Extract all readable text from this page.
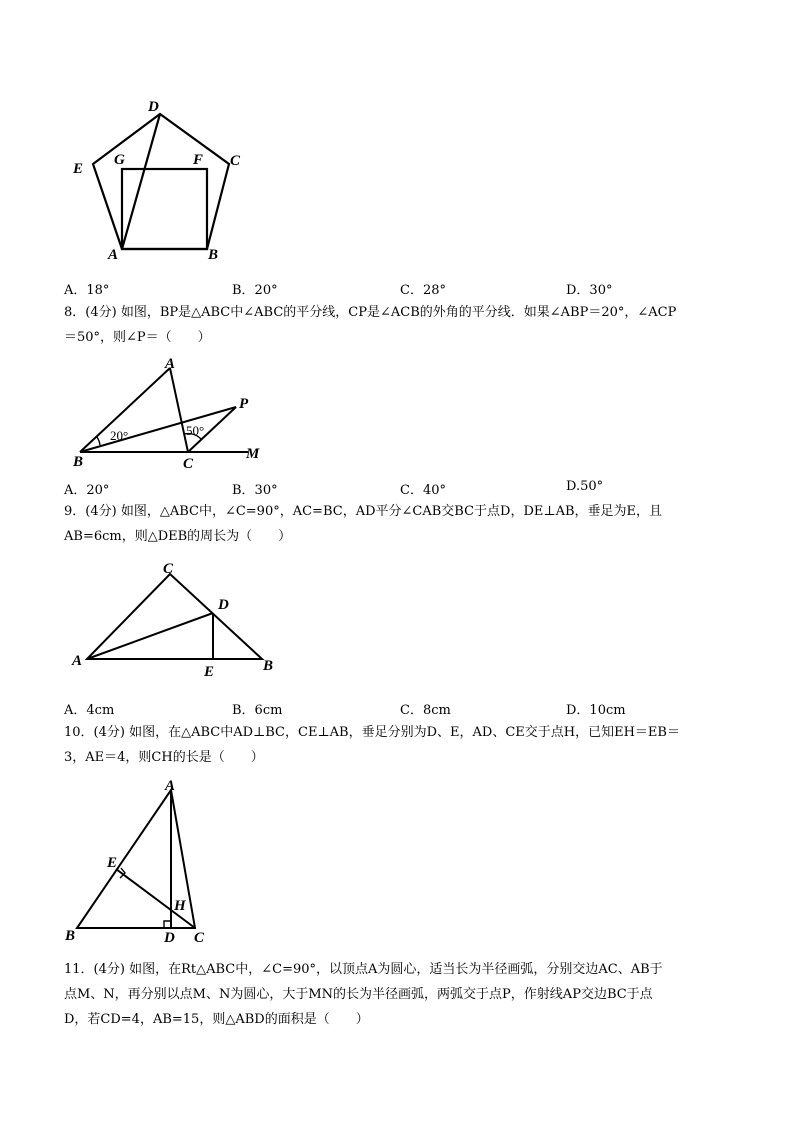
A	B
C
D
E
F
G
A．18°	B．20°	C．28°	D．30°

8．(4分) 如图，BP是△ABC中∠ABC的平分线，CP是∠ACB的外角的平分线．如果∠ABP＝20°，∠ACP

＝50°，则∠P＝（　　）

B
A
C
P
M
20°	50°
A．20°	B．30°	C．40°	D.50°

9．(4分) 如图，△ABC中，∠C=90°，AC=BC，AD平分∠CAB交BC于点D，DE⊥AB，垂足为E，且

AB=6cm，则△DEB的周长为（　　）

A	B
C
D
E
A．4cm	B．6cm	C．8cm	D．10cm

10．(4分) 如图，在△ABC中AD⊥BC，CE⊥AB，垂足分别为D、E，AD、CE交于点H，已知EH＝EB＝

3，AE＝4，则CH的长是（　　）

A
B	C
D
E
H

11．(4分) 如图，在Rt△ABC中，∠C=90°，以顶点A为圆心，适当长为半径画弧，分别交边AC、AB于

点M、N，再分别以点M、N为圆心，大于MN的长为半径画弧，两弧交于点P，作射线AP交边BC于点

D，若CD=4，AB=15，则△ABD的面积是（　　）
